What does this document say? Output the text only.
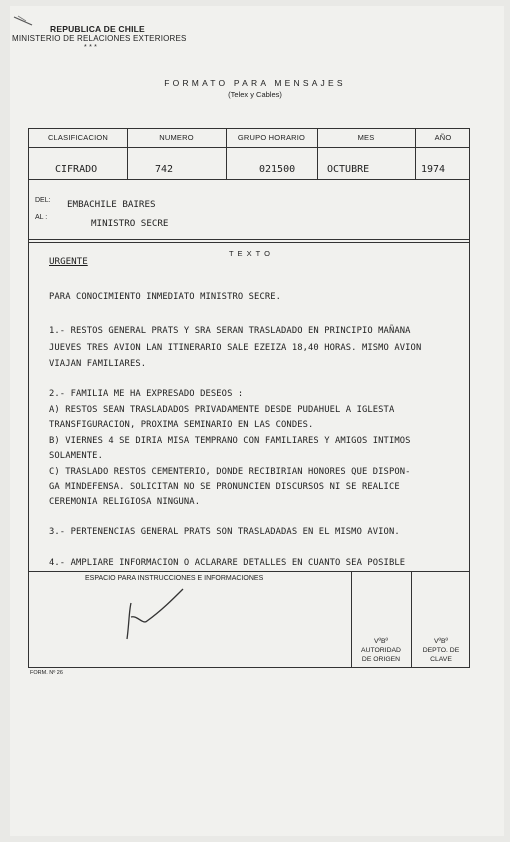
REPUBLICA DE CHILE
MINISTERIO DE RELACIONES EXTERIORES
* * *
FORMATO PARA MENSAJES
(Telex y Cables)
CLASIFICACION	NUMERO	GRUPO HORARIO	MES	AÑO
CIFRADO	742	021500	OCTUBRE	1974
DEL: EMBACHILE BAIRES
AL :
MINISTRO SECRE
T E X T O
URGENTE
PARA CONOCIMIENTO INMEDIATO MINISTRO SECRE.
1.- RESTOS GENERAL PRATS Y SRA SERAN TRASLADADO EN PRINCIPIO MAÑANA
JUEVES TRES AVION LAN ITINERARIO SALE EZEIZA 18,40 HORAS. MISMO AVION
VIAJAN FAMILIARES.
2.- FAMILIA ME HA EXPRESADO DESEOS :
A) RESTOS SEAN TRASLADADOS PRIVADAMENTE DESDE PUDAHUEL A IGLESTA
TRANSFIGURACION, PROXIMA SEMINARIO EN LAS CONDES.
B) VIERNES 4 SE DIRIA MISA TEMPRANO CON FAMILIARES Y AMIGOS INTIMOS
SOLAMENTE.
C) TRASLADO RESTOS CEMENTERIO, DONDE RECIBIRIAN HONORES QUE DISPON-
GA MINDEFENSA. SOLICITAN NO SE PRONUNCIEN DISCURSOS NI SE REALICE
CEREMONIA RELIGIOSA NINGUNA.
3.- PERTENENCIAS GENERAL PRATS SON TRASLADADAS EN EL MISMO AVION.
4.- AMPLIARE INFORMACION O ACLARARE DETALLES EN CUANTO SEA POSIBLE
ESPACIO PARA INSTRUCCIONES E INFORMACIONES
VºBº
AUTORIDAD
DE ORIGEN
VºBº
DEPTO. DE
CLAVE
FORM. Nº 26
